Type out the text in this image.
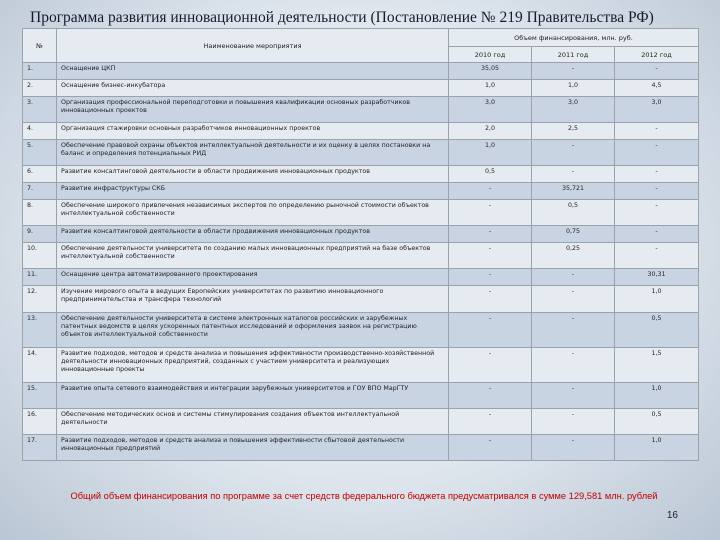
Программа развития инновационной деятельности (Постановление № 219 Правительства РФ)
№	Наименование мероприятия	Объем финансирования, млн. руб.		
		2010 год	2011 год	2012 год
1.	Оснащение ЦКП	35,05	-	-
2.	Оснащение бизнес-инкубатора	1,0	1,0	4,5
3.	Организация профессиональной переподготовки и повышения квалификации основных разработчиков инновационных проектов	3,0	3,0	3,0
4.	Организация стажировки основных разработчиков инновационных проектов	2,0	2,5	-
5.	Обеспечение правовой охраны объектов интеллектуальной деятельности и их оценку в целях постановки на баланс и определения потенциальных РИД	1,0	-	-
6.	Развитие консалтинговой деятельности в области продвижения инновационных продуктов	0,5	-	-
7.	Развитие инфраструктуры СКБ	-	35,721	-
8.	Обеспечение широкого привлечения независимых экспертов по определению рыночной стоимости объектов интеллектуальной собственности	-	0,5	-
9.	Развитие консалтинговой деятельности в области продвижения инновационных продуктов	-	0,75	-
10.	Обеспечение деятельности университета по созданию малых инновационных предприятий на базе объектов интеллектуальной собственности	-	0,25	-
11.	Оснащение центра автоматизированного проектирования	-	-	30,31
12.	Изучение мирового опыта в ведущих Европейских университетах по развитию инновационного предпринимательства и трансфера технологий	-	-	1,0
13.	Обеспечение деятельности университета в системе электронных каталогов российских и зарубежных патентных ведомств в целях ускоренных патентных исследований и оформления заявок на регистрацию объектов интеллектуальной собственности	-	-	0,5
14.	Развитие подходов, методов и средств анализа и повышения эффективности производственно-хозяйственной деятельности инновационных предприятий, созданных с участием университета и реализующих инновационные проекты	-	-	1,5
15.	Развитие опыта сетевого взаимодействия и интеграции зарубежных университетов и ГОУ ВПО МарГТУ	-	-	1,0
16.	Обеспечение методических основ и системы стимулирования создания объектов интеллектуальной деятельности	-	-	0,5
17.	Развитие подходов, методов и средств анализа и повышения эффективности сбытовой деятельности инновационных предприятий	-	-	1,0
Общий объем финансирования по программе за счет средств федерального бюджета предусматривался в сумме 129,581 млн. рублей
16
